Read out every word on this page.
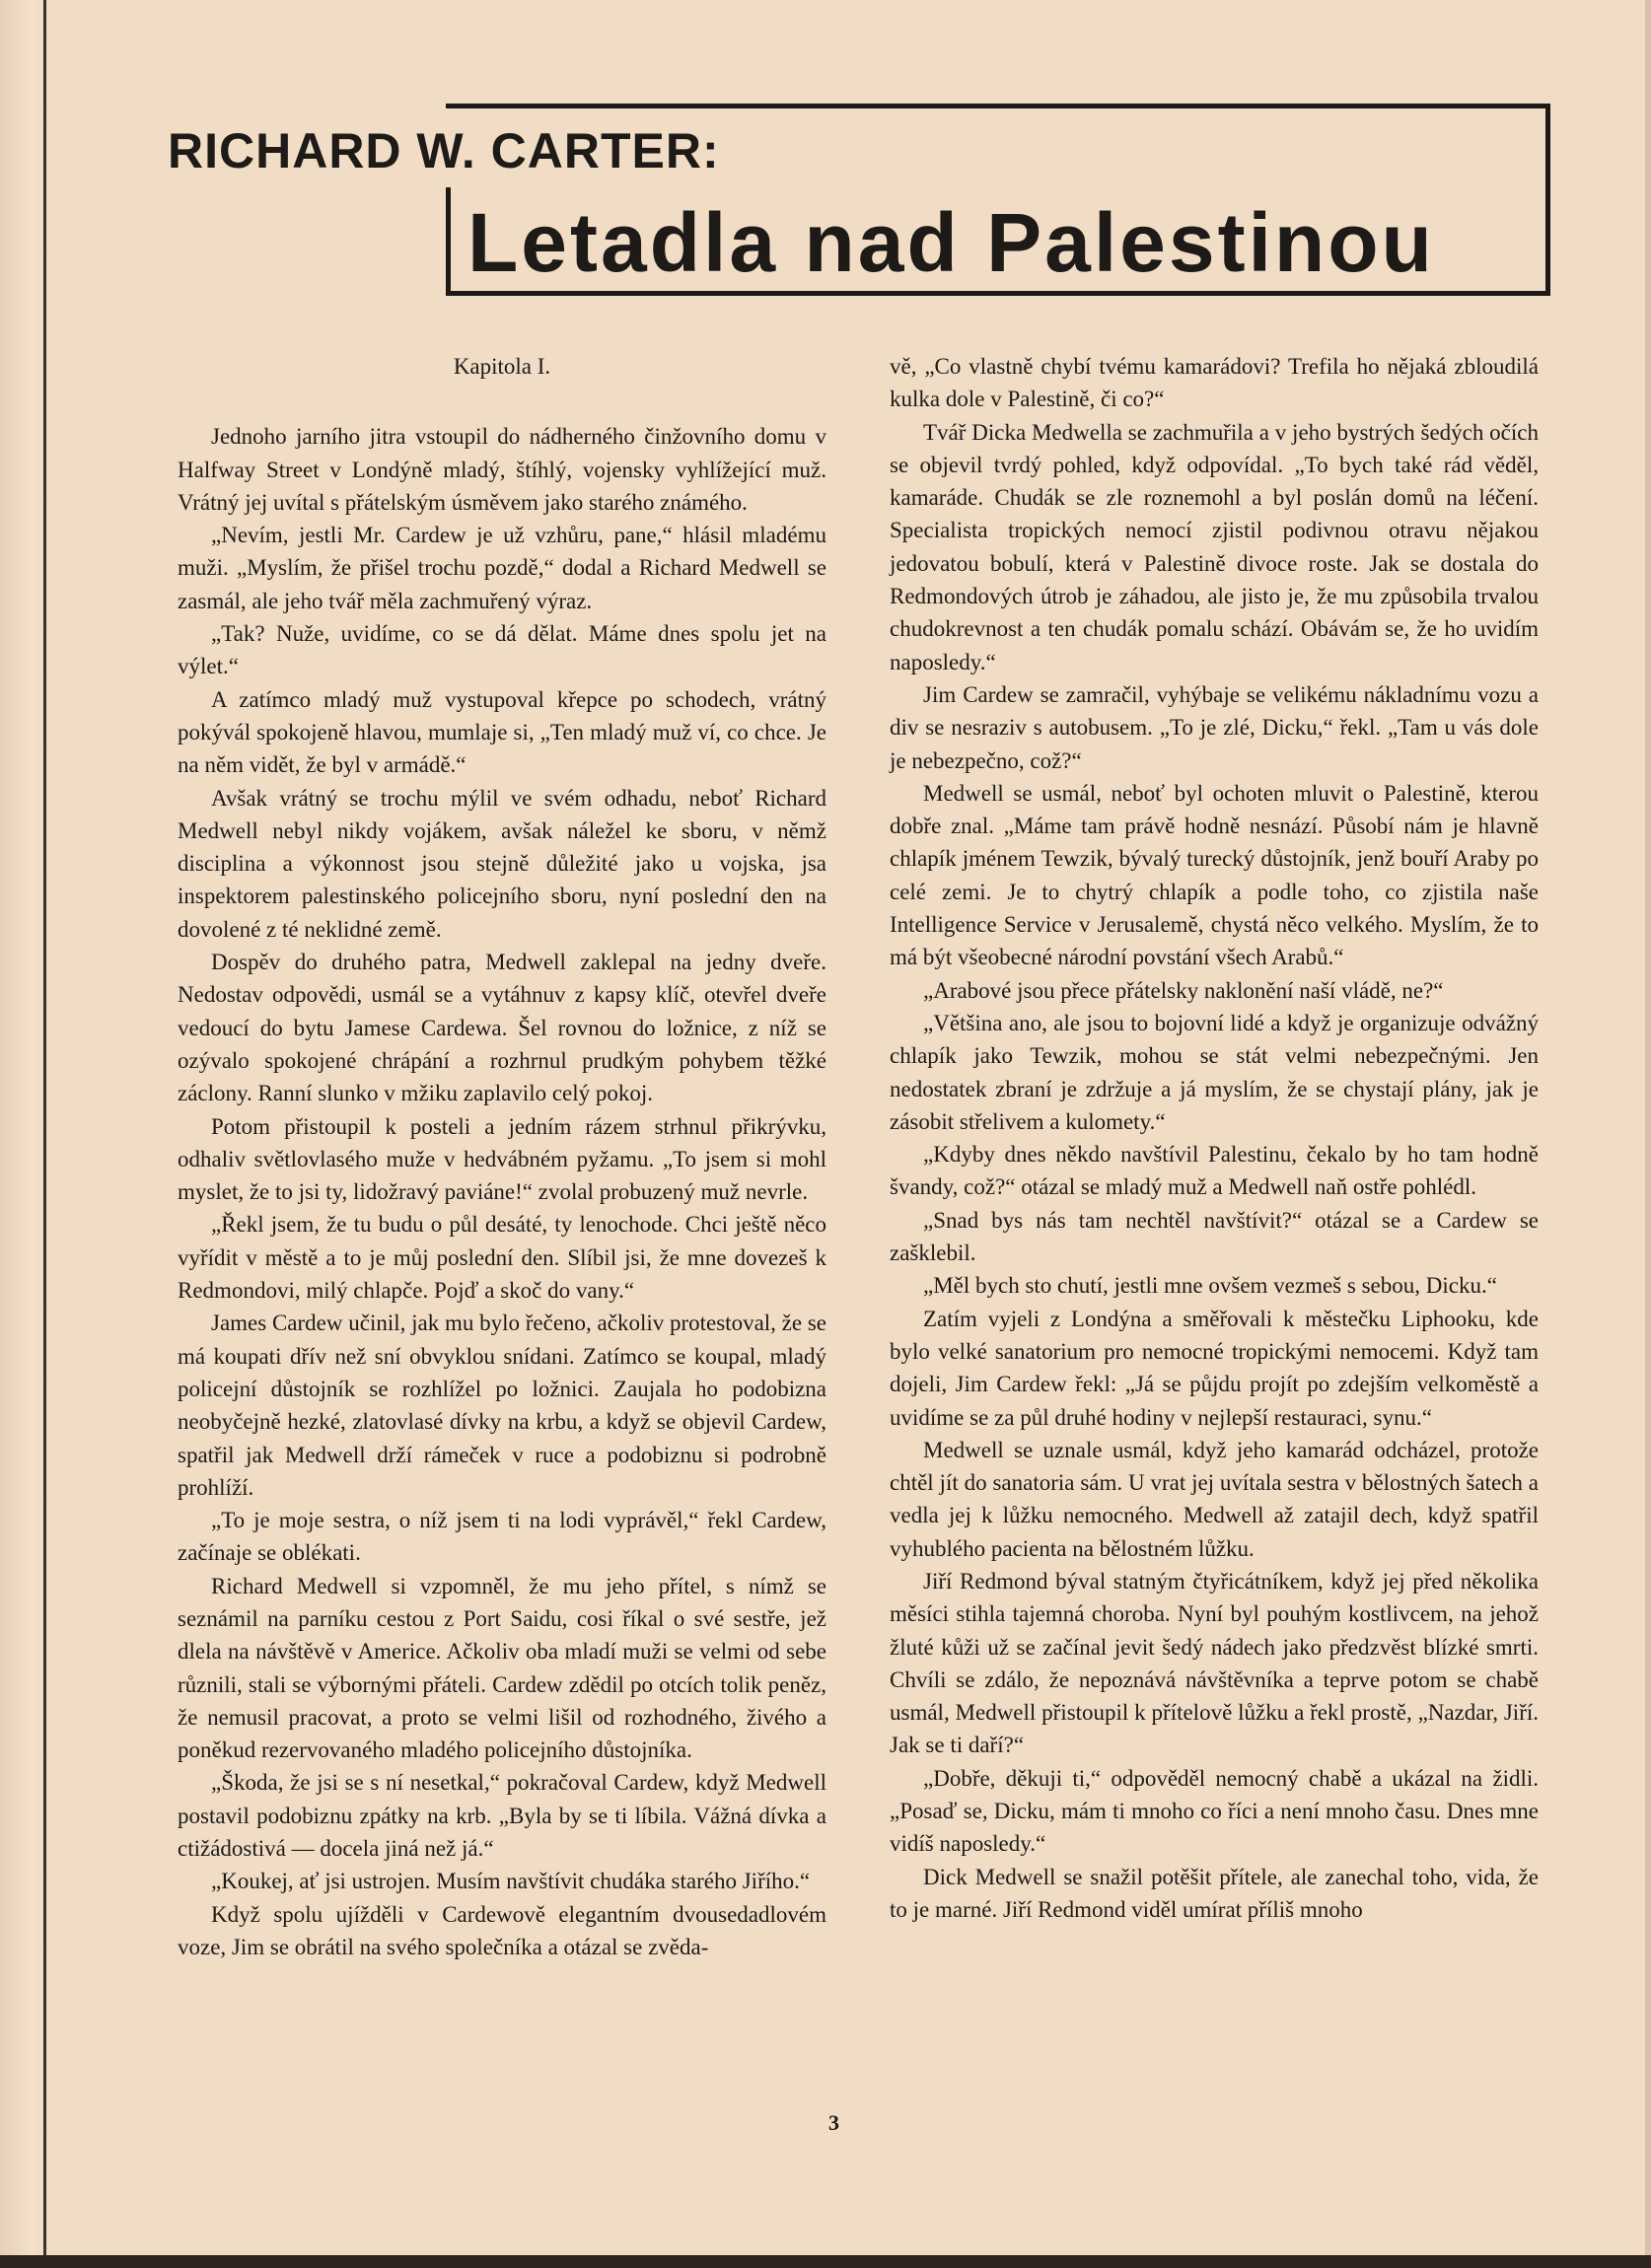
RICHARD W. CARTER:
Letadla nad Palestinou
Kapitola I.

Jednoho jarního jitra vstoupil do nádherného činžovního domu v Halfway Street v Londýně mladý, štíhlý, vojensky vyhlížející muž. Vrátný jej uvítal s přátelským úsměvem jako starého známého.

„Nevím, jestli Mr. Cardew je už vzhůru, pane,“ hlásil mladému muži. „Myslím, že přišel trochu pozdě,“ dodal a Richard Medwell se zasmál, ale jeho tvář měla zachmuřený výraz.

„Tak? Nuže, uvidíme, co se dá dělat. Máme dnes spolu jet na výlet.“

A zatímco mladý muž vystupoval křepce po schodech, vrátný pokývál spokojeně hlavou, mumlaje si, „Ten mladý muž ví, co chce. Je na něm vidět, že byl v armádě.“

Avšak vrátný se trochu mýlil ve svém odhadu, neboť Richard Medwell nebyl nikdy vojákem, avšak náležel ke sboru, v němž disciplina a výkonnost jsou stejně důležité jako u vojska, jsa inspektorem palestinského policejního sboru, nyní poslední den na dovolené z té neklidné země.

Dospěv do druhého patra, Medwell zaklepal na jedny dveře. Nedostav odpovědi, usmál se a vytáhnuv z kapsy klíč, otevřel dveře vedoucí do bytu Jamese Cardewa. Šel rovnou do ložnice, z níž se ozývalo spokojené chrápání a rozhrnul prudkým pohybem těžké záclony. Ranní slunko v mžiku zaplavilo celý pokoj.

Potom přistoupil k posteli a jedním rázem strhnul přikrývku, odhaliv světlovlasého muže v hedvábném pyžamu. „To jsem si mohl myslet, že to jsi ty, lidožravý paviáne!“ zvolal probuzený muž nevrle.

„Řekl jsem, že tu budu o půl desáté, ty lenochode. Chci ještě něco vyřídit v městě a to je můj poslední den. Slíbil jsi, že mne dovezeš k Redmondovi, milý chlapče. Pojď a skoč do vany.“

James Cardew učinil, jak mu bylo řečeno, ačkoliv protestoval, že se má koupati dřív než sní obvyklou snídani. Zatímco se koupal, mladý policejní důstojník se rozhlížel po ložnici. Zaujala ho podobizna neobyčejně hezké, zlatovlasé dívky na krbu, a když se objevil Cardew, spatřil jak Medwell drží rámeček v ruce a podobiznu si podrobně prohlíží.

„To je moje sestra, o níž jsem ti na lodi vyprávěl,“ řekl Cardew, začínaje se oblékati.

Richard Medwell si vzpomněl, že mu jeho přítel, s nímž se seznámil na parníku cestou z Port Saidu, cosi říkal o své sestře, jež dlela na návštěvě v Americe. Ačkoliv oba mladí muži se velmi od sebe různili, stali se výbornými přáteli. Cardew zdědil po otcích tolik peněz, že nemusil pracovat, a proto se velmi lišil od rozhodného, živého a poněkud rezervovaného mladého policejního důstojníka.

„Škoda, že jsi se s ní nesetkal,“ pokračoval Cardew, když Medwell postavil podobiznu zpátky na krb. „Byla by se ti líbila. Vážná dívka a ctižádostivá — docela jiná než já.“

„Koukej, ať jsi ustrojen. Musím navštívit chudáka starého Jiřího.“

Když spolu ujížděli v Cardewově elegantním dvousedadlovém voze, Jim se obrátil na svého společníka a otázal se zvěda-

vě, „Co vlastně chybí tvému kamarádovi? Trefila ho nějaká zbloudilá kulka dole v Palestině, či co?“

Tvář Dicka Medwella se zachmuřila a v jeho bystrých šedých očích se objevil tvrdý pohled, když odpovídal. „To bych také rád věděl, kamaráde. Chudák se zle roznemohl a byl poslán domů na léčení. Specialista tropických nemocí zjistil podivnou otravu nějakou jedovatou bobulí, která v Palestině divoce roste. Jak se dostala do Redmondových útrob je záhadou, ale jisto je, že mu způsobila trvalou chudokrevnost a ten chudák pomalu schází. Obávám se, že ho uvidím naposledy.“

Jim Cardew se zamračil, vyhýbaje se velikému nákladnímu vozu a div se nesraziv s autobusem. „To je zlé, Dicku,“ řekl. „Tam u vás dole je nebezpečno, což?“

Medwell se usmál, neboť byl ochoten mluvit o Palestině, kterou dobře znal. „Máme tam právě hodně nesnází. Působí nám je hlavně chlapík jménem Tewzik, bývalý turecký důstojník, jenž bouří Araby po celé zemi. Je to chytrý chlapík a podle toho, co zjistila naše Intelligence Service v Jerusalemě, chystá něco velkého. Myslím, že to má být všeobecné národní povstání všech Arabů.“

„Arabové jsou přece přátelsky naklonění naší vládě, ne?“

„Většina ano, ale jsou to bojovní lidé a když je organizuje odvážný chlapík jako Tewzik, mohou se stát velmi nebezpečnými. Jen nedostatek zbraní je zdržuje a já myslím, že se chystají plány, jak je zásobit střelivem a kulomety.“

„Kdyby dnes někdo navštívil Palestinu, čekalo by ho tam hodně švandy, což?“ otázal se mladý muž a Medwell naň ostře pohlédl.

„Snad bys nás tam nechtěl navštívit?“ otázal se a Cardew se zašklebil.

„Měl bych sto chutí, jestli mne ovšem vezmeš s sebou, Dicku.“

Zatím vyjeli z Londýna a směřovali k městečku Liphooku, kde bylo velké sanatorium pro nemocné tropickými nemocemi. Když tam dojeli, Jim Cardew řekl: „Já se půjdu projít po zdejším velkoměstě a uvidíme se za půl druhé hodiny v nejlepší restauraci, synu.“

Medwell se uznale usmál, když jeho kamarád odcházel, protože chtěl jít do sanatoria sám. U vrat jej uvítala sestra v bělostných šatech a vedla jej k lůžku nemocného. Medwell až zatajil dech, když spatřil vyhublého pacienta na bělostném lůžku.

Jiří Redmond býval statným čtyřicátníkem, když jej před několika měsíci stihla tajemná choroba. Nyní byl pouhým kostlivcem, na jehož žluté kůži už se začínal jevit šedý nádech jako předzvěst blízké smrti. Chvíli se zdálo, že nepoznává návštěvníka a teprve potom se chabě usmál, Medwell přistoupil k přítelově lůžku a řekl prostě, „Nazdar, Jiří. Jak se ti daří?“

„Dobře, děkuji ti,“ odpověděl nemocný chabě a ukázal na židli. „Posaď se, Dicku, mám ti mnoho co říci a není mnoho času. Dnes mne vidíš naposledy.“

Dick Medwell se snažil potěšit přítele, ale zanechal toho, vida, že to je marné. Jiří Redmond viděl umírat příliš mnoho

3
